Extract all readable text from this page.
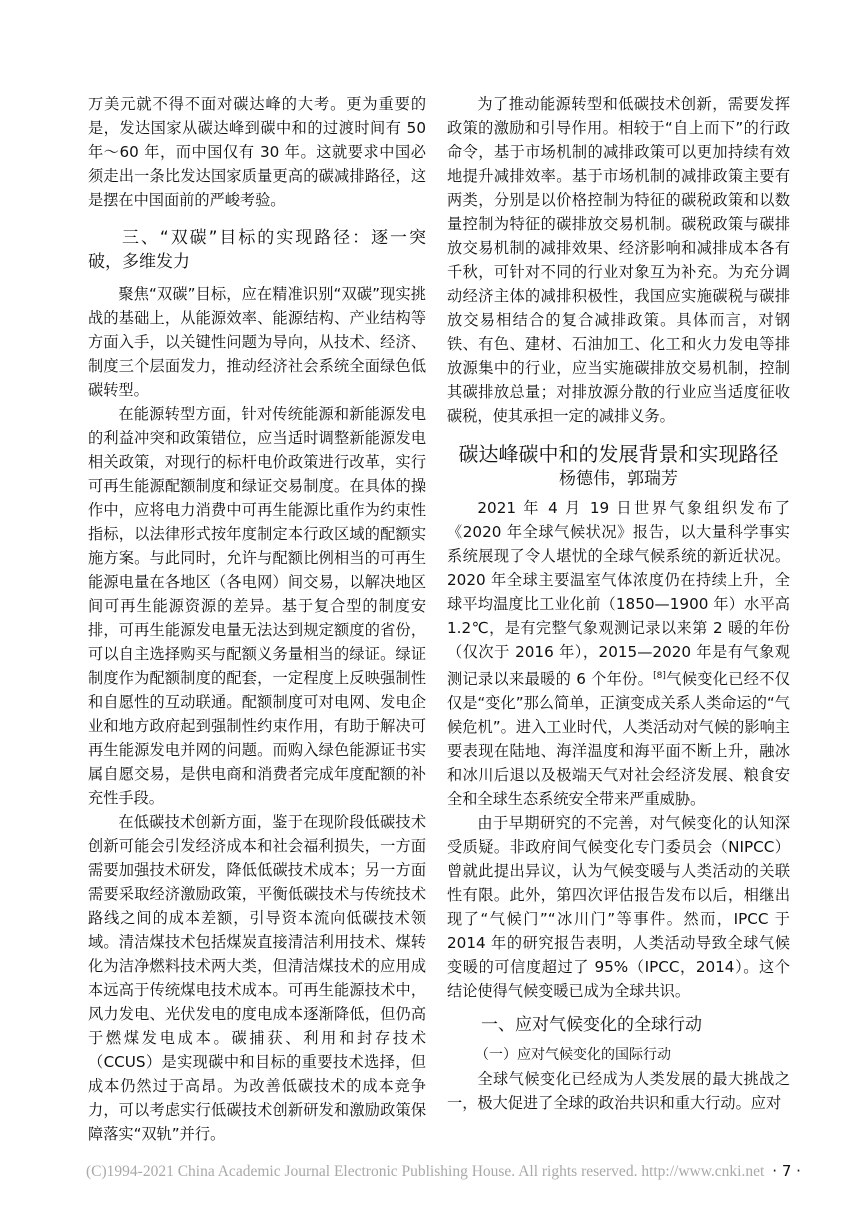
万美元就不得不面对碳达峰的大考。更为重要的是，发达国家从碳达峰到碳中和的过渡时间有 50 年～60 年，而中国仅有 30 年。这就要求中国必须走出一条比发达国家质量更高的碳减排路径，这是摆在中国面前的严峻考验。

三、“双碳”目标的实现路径：逐一突破，多维发力

聚焦“双碳”目标，应在精准识别“双碳”现实挑战的基础上，从能源效率、能源结构、产业结构等方面入手，以关键性问题为导向，从技术、经济、制度三个层面发力，推动经济社会系统全面绿色低碳转型。

在能源转型方面，针对传统能源和新能源发电的利益冲突和政策错位，应当适时调整新能源发电相关政策，对现行的标杆电价政策进行改革，实行可再生能源配额制度和绿证交易制度。在具体的操作中，应将电力消费中可再生能源比重作为约束性指标，以法律形式按年度制定本行政区域的配额实施方案。与此同时，允许与配额比例相当的可再生能源电量在各地区（各电网）间交易，以解决地区间可再生能源资源的差异。基于复合型的制度安排，可再生能源发电量无法达到规定额度的省份，可以自主选择购买与配额义务量相当的绿证。绿证制度作为配额制度的配套，一定程度上反映强制性和自愿性的互动联通。配额制度可对电网、发电企业和地方政府起到强制性约束作用，有助于解决可再生能源发电并网的问题。而购入绿色能源证书实属自愿交易，是供电商和消费者完成年度配额的补充性手段。

在低碳技术创新方面，鉴于在现阶段低碳技术创新可能会引发经济成本和社会福利损失，一方面需要加强技术研发，降低低碳技术成本；另一方面需要采取经济激励政策，平衡低碳技术与传统技术路线之间的成本差额，引导资本流向低碳技术领域。清洁煤技术包括煤炭直接清洁利用技术、煤转化为洁净燃料技术两大类，但清洁煤技术的应用成本远高于传统煤电技术成本。可再生能源技术中，风力发电、光伏发电的度电成本逐渐降低，但仍高于燃煤发电成本。碳捕获、利用和封存技术（CCUS）是实现碳中和目标的重要技术选择，但成本仍然过于高昂。为改善低碳技术的成本竞争力，可以考虑实行低碳技术创新研发和激励政策保障落实“双轨”并行。

为了推动能源转型和低碳技术创新，需要发挥政策的激励和引导作用。相较于“自上而下”的行政命令，基于市场机制的减排政策可以更加持续有效地提升减排效率。基于市场机制的减排政策主要有两类，分别是以价格控制为特征的碳税政策和以数量控制为特征的碳排放交易机制。碳税政策与碳排放交易机制的减排效果、经济影响和减排成本各有千秋，可针对不同的行业对象互为补充。为充分调动经济主体的减排积极性，我国应实施碳税与碳排放交易相结合的复合减排政策。具体而言，对钢铁、有色、建材、石油加工、化工和火力发电等排放源集中的行业，应当实施碳排放交易机制，控制其碳排放总量；对排放源分散的行业应当适度征收碳税，使其承担一定的减排义务。

碳达峰碳中和的发展背景和实现路径

杨德伟，郭瑞芳

2021 年 4 月 19 日世界气象组织发布了《2020 年全球气候状况》报告，以大量科学事实系统展现了令人堪忧的全球气候系统的新近状况。2020 年全球主要温室气体浓度仍在持续上升，全球平均温度比工业化前（1850—1900 年）水平高 1.2℃，是有完整气象观测记录以来第 2 暖的年份（仅次于 2016 年），2015—2020 年是有气象观测记录以来最暖的 6 个年份。[8]气候变化已经不仅仅是“变化”那么简单，正演变成关系人类命运的“气候危机”。进入工业时代，人类活动对气候的影响主要表现在陆地、海洋温度和海平面不断上升，融冰和冰川后退以及极端天气对社会经济发展、粮食安全和全球生态系统安全带来严重威胁。

由于早期研究的不完善，对气候变化的认知深受质疑。非政府间气候变化专门委员会（NIPCC）曾就此提出异议，认为气候变暖与人类活动的关联性有限。此外，第四次评估报告发布以后，相继出现了“气候门”“冰川门”等事件。然而，IPCC 于 2014 年的研究报告表明，人类活动导致全球气候变暖的可信度超过了 95%（IPCC，2014）。这个结论使得气候变暖已成为全球共识。

一、应对气候变化的全球行动

（一）应对气候变化的国际行动

全球气候变化已经成为人类发展的最大挑战之一，极大促进了全球的政治共识和重大行动。应对

(C)1994-2021 China Academic Journal Electronic Publishing House. All rights reserved. http://www.cnki.net · 7 ·
